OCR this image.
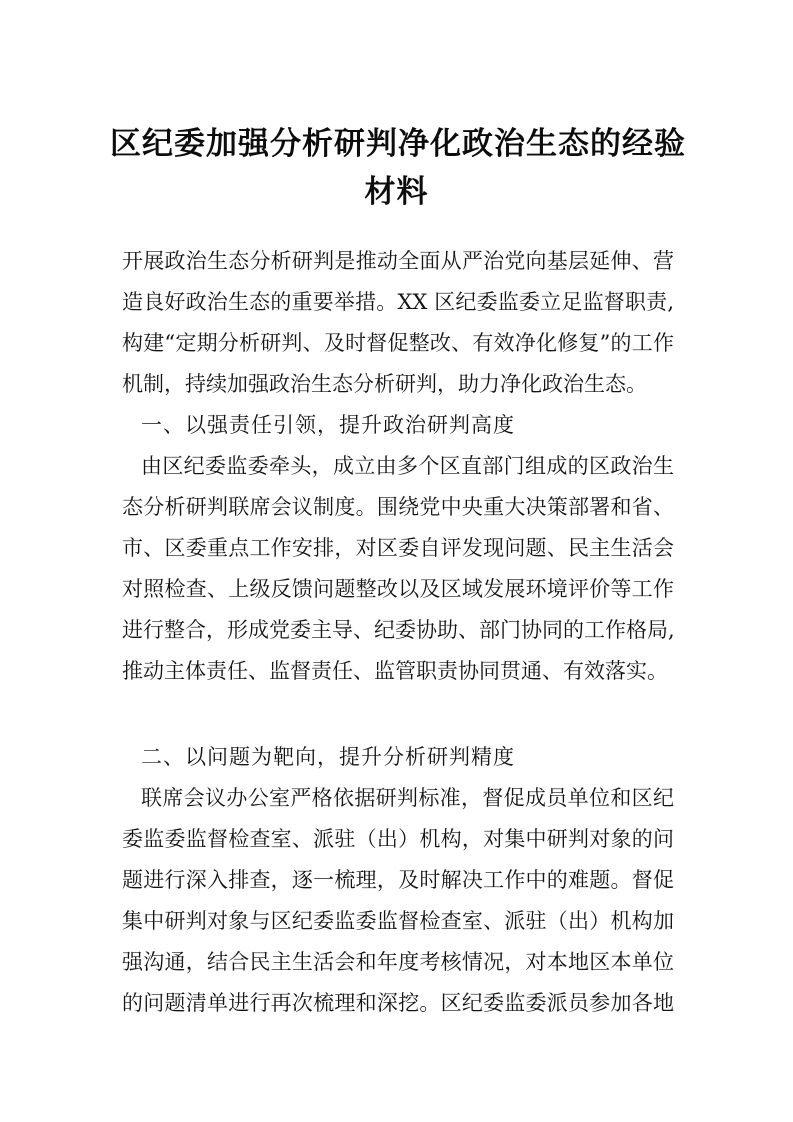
区纪委加强分析研判净化政治生态的经验
材料
开展政治生态分析研判是推动全面从严治党向基层延伸、营
造良好政治生态的重要举措。XX 区纪委监委立足监督职责,
构建“定期分析研判、及时督促整改、有效净化修复”的工作
机制，持续加强政治生态分析研判，助力净化政治生态。
一、以强责任引领，提升政治研判高度
由区纪委监委牵头，成立由多个区直部门组成的区政治生
态分析研判联席会议制度。围绕党中央重大决策部署和省、
市、区委重点工作安排，对区委自评发现问题、民主生活会
对照检查、上级反馈问题整改以及区域发展环境评价等工作
进行整合，形成党委主导、纪委协助、部门协同的工作格局,
推动主体责任、监督责任、监管职责协同贯通、有效落实。
二、以问题为靶向，提升分析研判精度
联席会议办公室严格依据研判标准，督促成员单位和区纪
委监委监督检查室、派驻（出）机构，对集中研判对象的问
题进行深入排查，逐一梳理，及时解决工作中的难题。督促
集中研判对象与区纪委监委监督检查室、派驻（出）机构加
强沟通，结合民主生活会和年度考核情况，对本地区本单位
的问题清单进行再次梳理和深挖。区纪委监委派员参加各地
